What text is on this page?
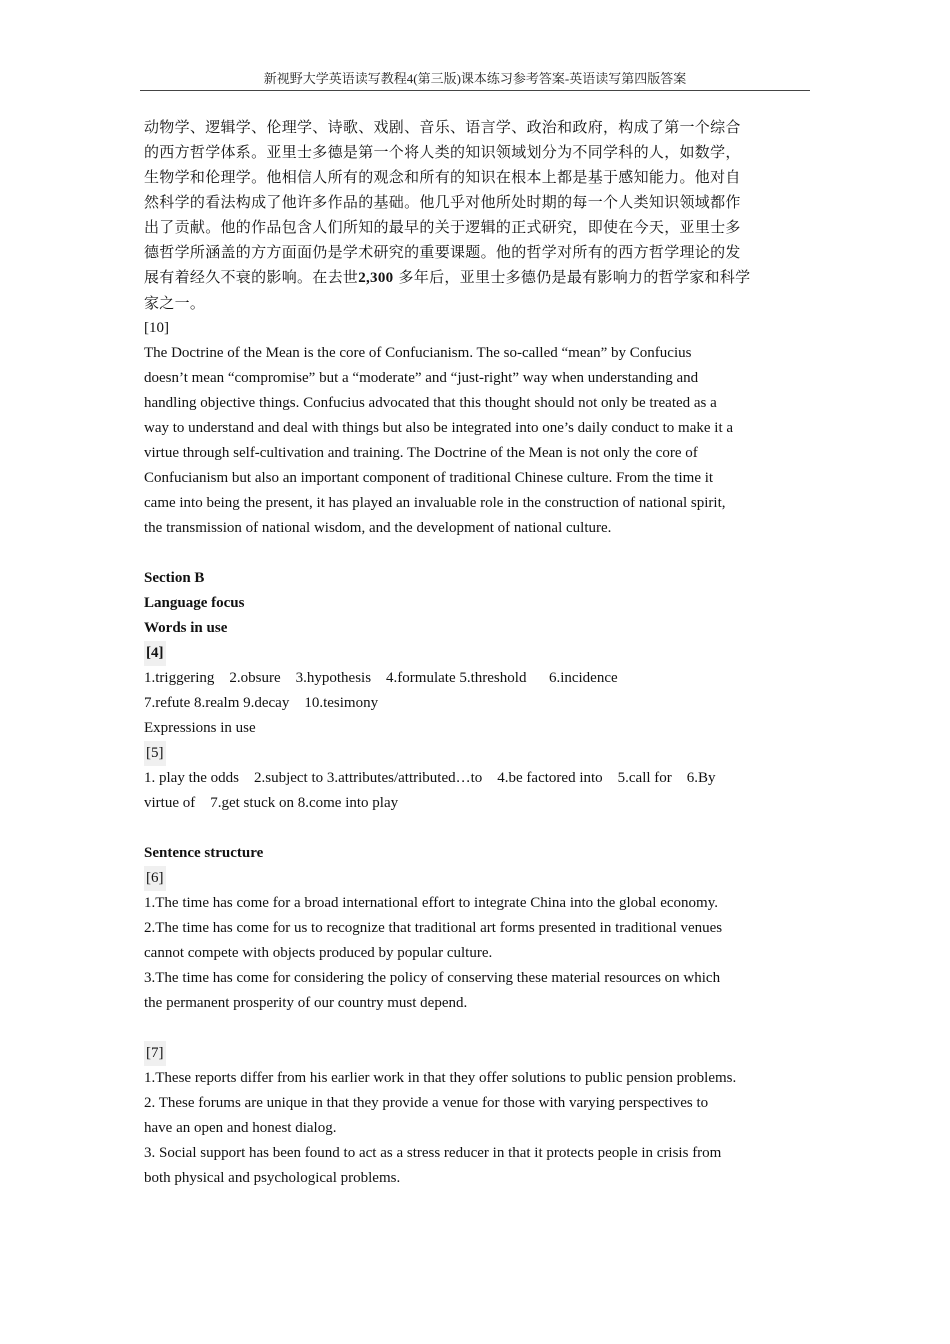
新视野大学英语读写教程4(第三版)课本练习参考答案-英语读写第四版答案
动物学、逻辑学、伦理学、诗歌、戏剧、音乐、语言学、政治和政府，构成了第一个综合
的西方哲学体系。亚里士多德是第一个将人类的知识领域划分为不同学科的人，如数学，
生物学和伦理学。他相信人所有的观念和所有的知识在根本上都是基于感知能力。他对自
然科学的看法构成了他许多作品的基础。他几乎对他所处时期的每一个人类知识领域都作
出了贡献。他的作品包含人们所知的最早的关于逻辑的正式研究，即使在今天，亚里士多
德哲学所涵盖的方方面面仍是学术研究的重要课题。他的哲学对所有的西方哲学理论的发
展有着经久不衰的影响。在去世2,300 多年后，亚里士多德仍是最有影响力的哲学家和科学
家之一。
[10]
The Doctrine of the Mean is the core of Confucianism. The so-called “mean” by Confucius
doesn’t mean “compromise” but a “moderate” and “just-right” way when understanding and
handling objective things. Confucius advocated that this thought should not only be treated as a
way to understand and deal with things but also be integrated into one’s daily conduct to make it a
virtue through self-cultivation and training. The Doctrine of the Mean is not only the core of
Confucianism but also an important component of traditional Chinese culture. From the time it
came into being the present, it has played an invaluable role in the construction of national spirit,
the transmission of national wisdom, and the development of national culture.
Section B
Language focus
Words in use
[4]
1.triggering    2.obsure    3.hypothesis    4.formulate 5.threshold      6.incidence
7.refute 8.realm 9.decay    10.tesimony
Expressions in use
[5]
1. play the odds    2.subject to 3.attributes/attributed…to    4.be factored into    5.call for    6.By
virtue of    7.get stuck on 8.come into play
Sentence structure
[6]
1.The time has come for a broad international effort to integrate China into the global economy.
2.The time has come for us to recognize that traditional art forms presented in traditional venues
cannot compete with objects produced by popular culture.
3.The time has come for considering the policy of conserving these material resources on which
the permanent prosperity of our country must depend.
[7]
1.These reports differ from his earlier work in that they offer solutions to public pension problems.
2. These forums are unique in that they provide a venue for those with varying perspectives to
have an open and honest dialog.
3. Social support has been found to act as a stress reducer in that it protects people in crisis from
both physical and psychological problems.
